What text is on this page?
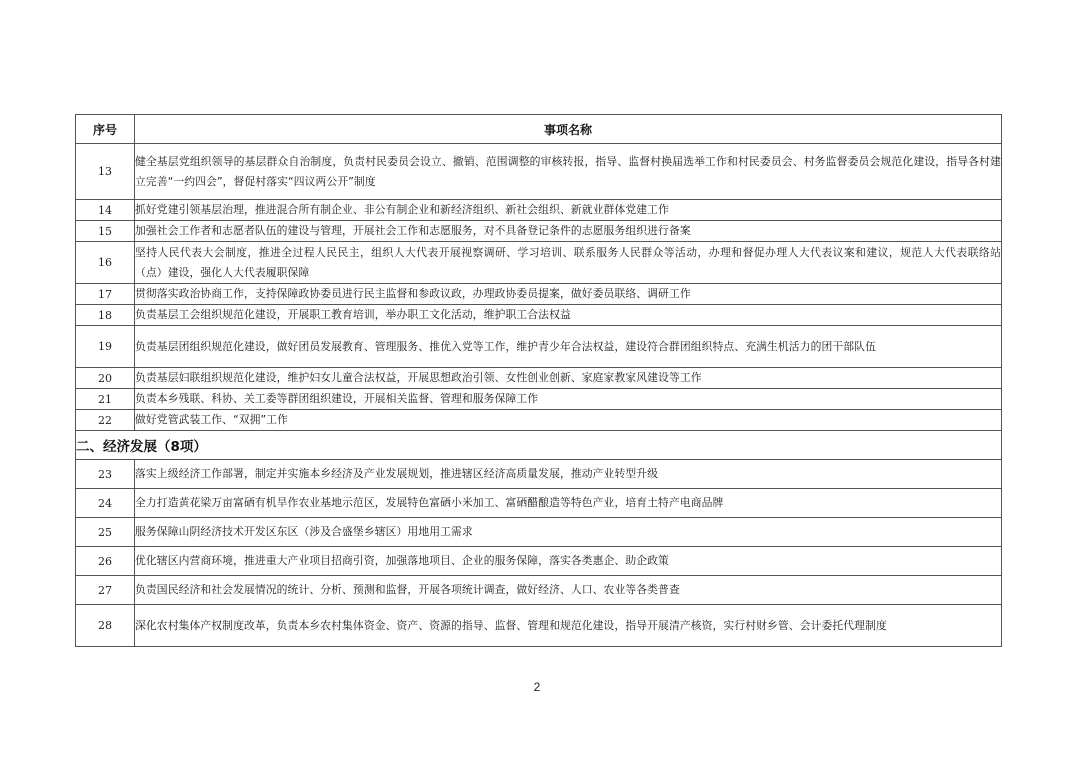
序号	事项名称
13	健全基层党组织领导的基层群众自治制度，负责村民委员会设立、撤销、范围调整的审核转报，指导、监督村换届选举工作和村民委员会、村务监督委员会规范化建设，指导各村建立完善“一约四会”，督促村落实“四议两公开”制度
14	抓好党建引领基层治理，推进混合所有制企业、非公有制企业和新经济组织、新社会组织、新就业群体党建工作
15	加强社会工作者和志愿者队伍的建设与管理，开展社会工作和志愿服务，对不具备登记条件的志愿服务组织进行备案
16	坚持人民代表大会制度，推进全过程人民民主，组织人大代表开展视察调研、学习培训、联系服务人民群众等活动，办理和督促办理人大代表议案和建议，规范人大代表联络站（点）建设，强化人大代表履职保障
17	贯彻落实政治协商工作，支持保障政协委员进行民主监督和参政议政，办理政协委员提案，做好委员联络、调研工作
18	负责基层工会组织规范化建设，开展职工教育培训，举办职工文化活动，维护职工合法权益
19	负责基层团组织规范化建设，做好团员发展教育、管理服务、推优入党等工作，维护青少年合法权益，建设符合群团组织特点、充满生机活力的团干部队伍
20	负责基层妇联组织规范化建设，维护妇女儿童合法权益，开展思想政治引领、女性创业创新、家庭家教家风建设等工作
21	负责本乡残联、科协、关工委等群团组织建设，开展相关监督、管理和服务保障工作
22	做好党管武装工作、“双拥”工作
二、经济发展（8项）	
23	落实上级经济工作部署，制定并实施本乡经济及产业发展规划，推进辖区经济高质量发展，推动产业转型升级
24	全力打造黄花梁万亩富硒有机旱作农业基地示范区，发展特色富硒小米加工、富硒醋酿造等特色产业，培育土特产电商品牌
25	服务保障山阴经济技术开发区东区（涉及合盛堡乡辖区）用地用工需求
26	优化辖区内营商环境，推进重大产业项目招商引资，加强落地项目、企业的服务保障，落实各类惠企、助企政策
27	负责国民经济和社会发展情况的统计、分析、预测和监督，开展各项统计调查，做好经济、人口、农业等各类普查
28	深化农村集体产权制度改革，负责本乡农村集体资金、资产、资源的指导、监督、管理和规范化建设，指导开展清产核资，实行村财乡管、会计委托代理制度
2
